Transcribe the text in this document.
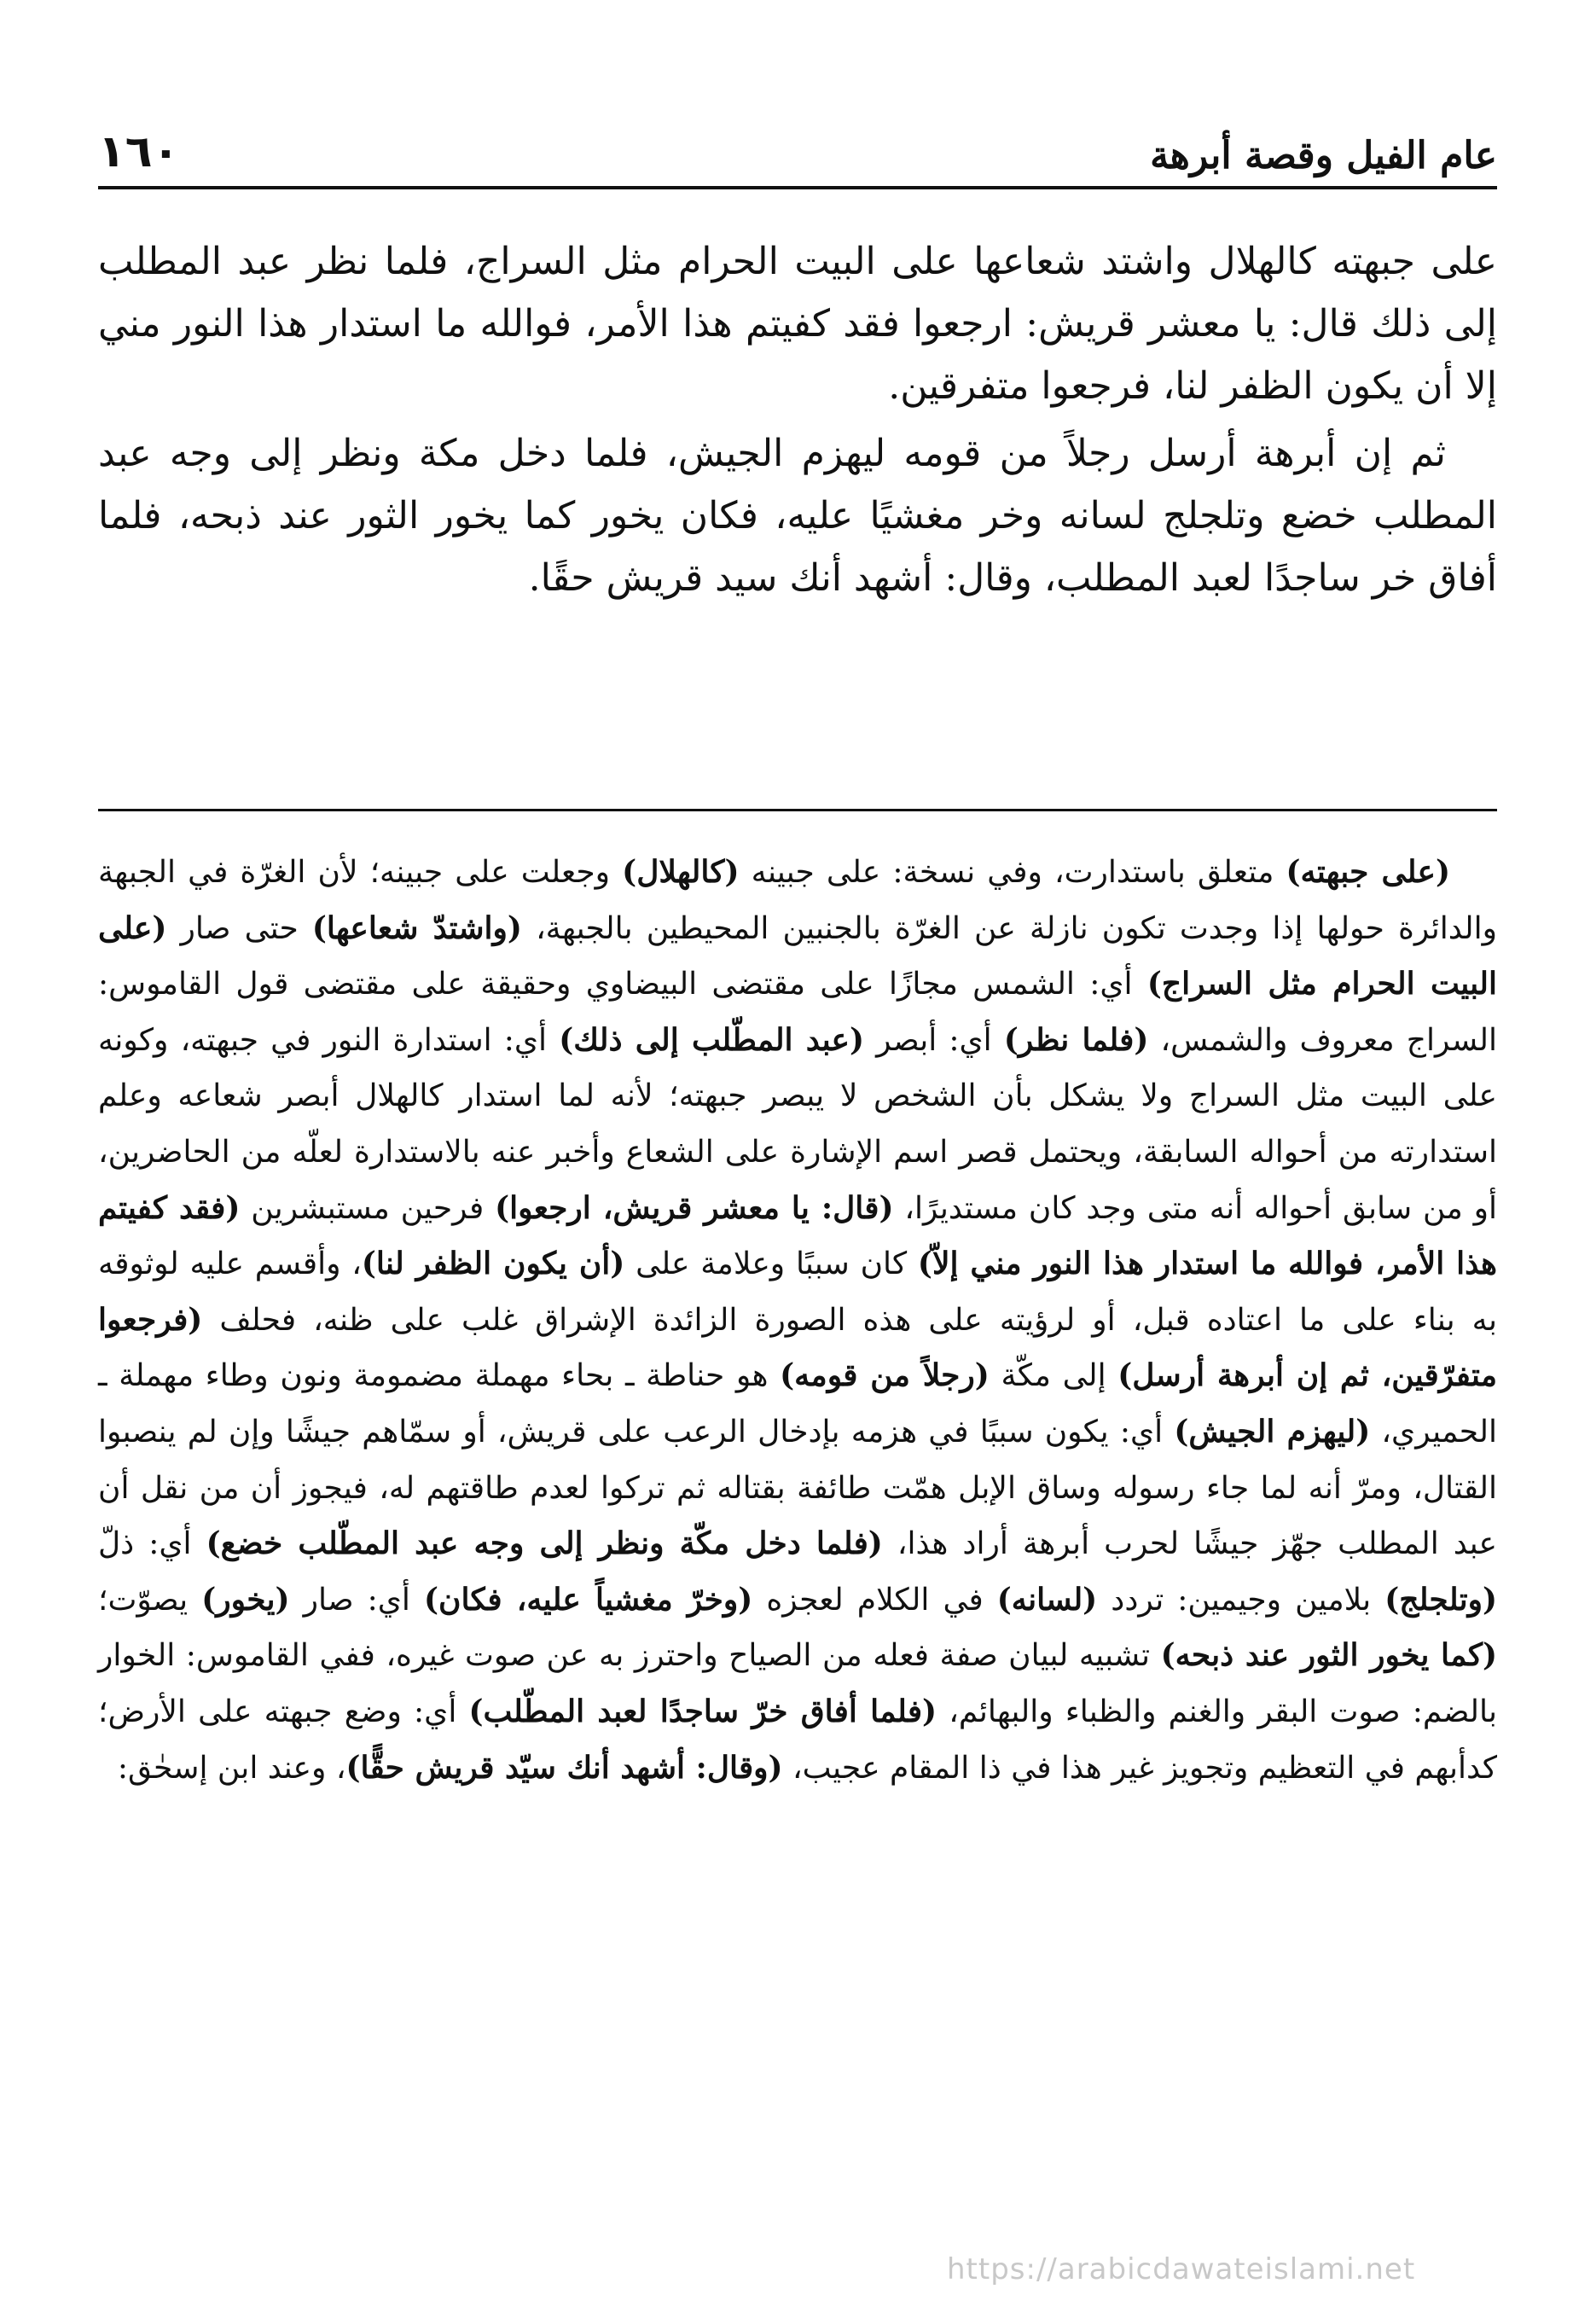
١٦٠	عام الفيل وقصة أبرهة

على جبهته كالهلال واشتد شعاعها على البيت الحرام مثل السراج، فلما نظر عبد المطلب إلى ذلك قال: يا معشر قريش: ارجعوا فقد كفيتم هذا الأمر، فوالله ما استدار هذا النور مني إلا أن يكون الظفر لنا، فرجعوا متفرقين.

ثم إن أبرهة أرسل رجلاً من قومه ليهزم الجيش، فلما دخل مكة ونظر إلى وجه عبد المطلب خضع وتلجلج لسانه وخر مغشيًا عليه، فكان يخور كما يخور الثور عند ذبحه، فلما أفاق خر ساجدًا لعبد المطلب، وقال: أشهد أنك سيد قريش حقًا.

(على جبهته) متعلق باستدارت، وفي نسخة: على جبينه (كالهلال) وجعلت على جبينه؛ لأن الغرّة في الجبهة والدائرة حولها إذا وجدت تكون نازلة عن الغرّة بالجنبين المحيطين بالجبهة، (واشتدّ شعاعها) حتى صار (على البيت الحرام مثل السراج) أي: الشمس مجازًا على مقتضى البيضاوي وحقيقة على مقتضى قول القاموس: السراج معروف والشمس، (فلما نظر) أي: أبصر (عبد المطّلب إلى ذلك) أي: استدارة النور في جبهته، وكونه على البيت مثل السراج ولا يشكل بأن الشخص لا يبصر جبهته؛ لأنه لما استدار كالهلال أبصر شعاعه وعلم استدارته من أحواله السابقة، ويحتمل قصر اسم الإشارة على الشعاع وأخبر عنه بالاستدارة لعلّه من الحاضرين، أو من سابق أحواله أنه متى وجد كان مستديرًا، (قال: يا معشر قريش، ارجعوا) فرحين مستبشرين (فقد كفيتم هذا الأمر، فوالله ما استدار هذا النور مني إلاّ) كان سببًا وعلامة على (أن يكون الظفر لنا)، وأقسم عليه لوثوقه به بناء على ما اعتاده قبل، أو لرؤيته على هذه الصورة الزائدة الإشراق غلب على ظنه، فحلف (فرجعوا متفرّقين، ثم إن أبرهة أرسل) إلى مكّة (رجلاً من قومه) هو حناطة ـ بحاء مهملة مضمومة ونون وطاء مهملة ـ الحميري، (ليهزم الجيش) أي: يكون سببًا في هزمه بإدخال الرعب على قريش، أو سمّاهم جيشًا وإن لم ينصبوا القتال، ومرّ أنه لما جاء رسوله وساق الإبل همّت طائفة بقتاله ثم تركوا لعدم طاقتهم له، فيجوز أن من نقل أن عبد المطلب جهّز جيشًا لحرب أبرهة أراد هذا، (فلما دخل مكّة ونظر إلى وجه عبد المطّلب خضع) أي: ذلّ (وتلجلج) بلامين وجيمين: تردد (لسانه) في الكلام لعجزه (وخرّ مغشياً عليه، فكان) أي: صار (يخور) يصوّت؛ (كما يخور الثور عند ذبحه) تشبيه لبيان صفة فعله من الصياح واحترز به عن صوت غيره، ففي القاموس: الخوار بالضم: صوت البقر والغنم والظباء والبهائم، (فلما أفاق خرّ ساجدًا لعبد المطّلب) أي: وضع جبهته على الأرض؛ كدأبهم في التعظيم وتجويز غير هذا في ذا المقام عجيب، (وقال: أشهد أنك سيّد قريش حقًّا)، وعند ابن إسحٰق:

https://arabicdawateislami.net
